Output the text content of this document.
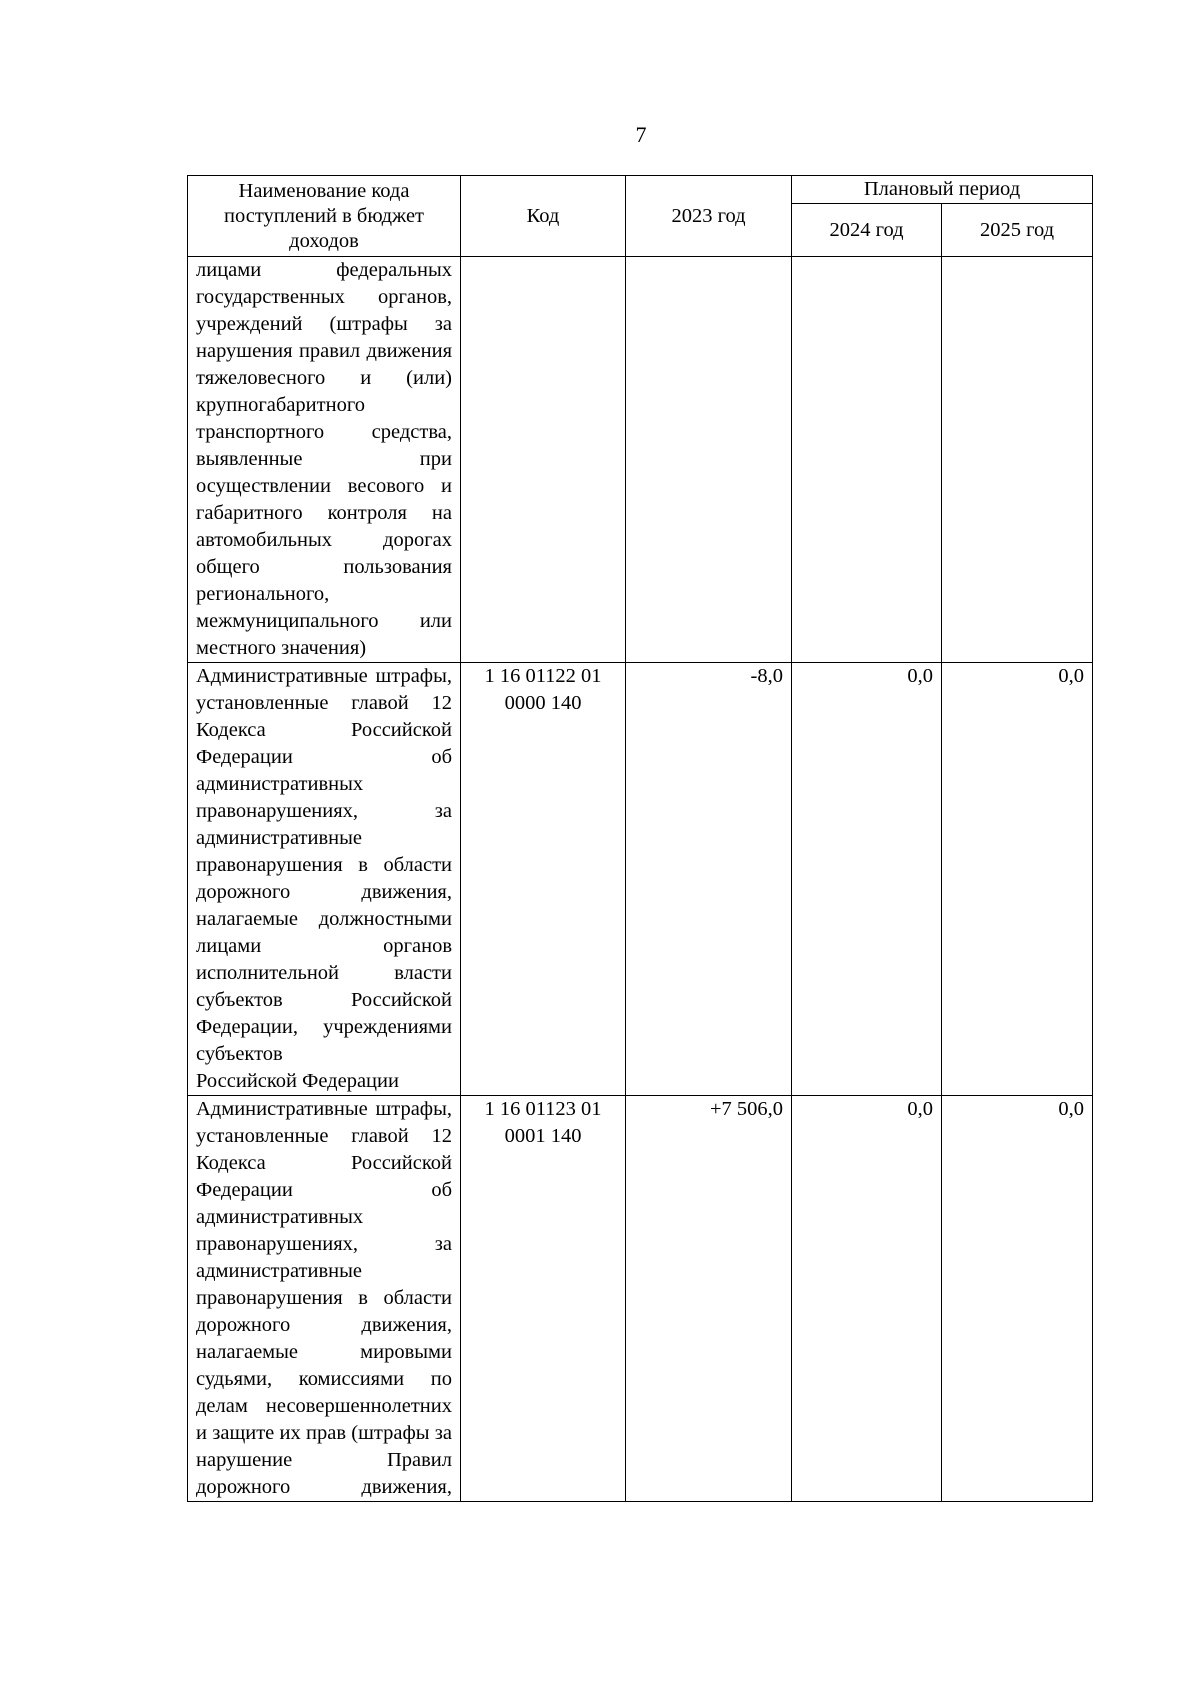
7
Наименование кода поступлений в бюджет доходов	Код	2023 год	Плановый период	
			2024 год	2025 год
лицами федеральных государственных органов, учреждений (штрафы за нарушения правил движения тяжеловесного и (или) крупногабаритного транспортного средства, выявленные при осуществлении весового и габаритного контроля на автомобильных дорогах общего пользования регионального, межмуниципального или
местного значения)				

Административные штрафы, установленные главой 12 Кодекса Российской Федерации об административных правонарушениях, за административные правонарушения в области дорожного движения, налагаемые должностными лицами органов исполнительной власти субъектов Российской Федерации, учреждениями субъектов
Российской Федерации	1 16 01122 01 0000 140	-8,0	0,0	0,0
Административные штрафы, установленные главой 12 Кодекса Российской Федерации об административных правонарушениях, за административные правонарушения в области дорожного движения, налагаемые мировыми судьями, комиссиями по делам несовершеннолетних и защите их прав (штрафы за нарушение Правил дорожного движения,	1 16 01123 01 0001 140	+7 506,0	0,0	0,0
